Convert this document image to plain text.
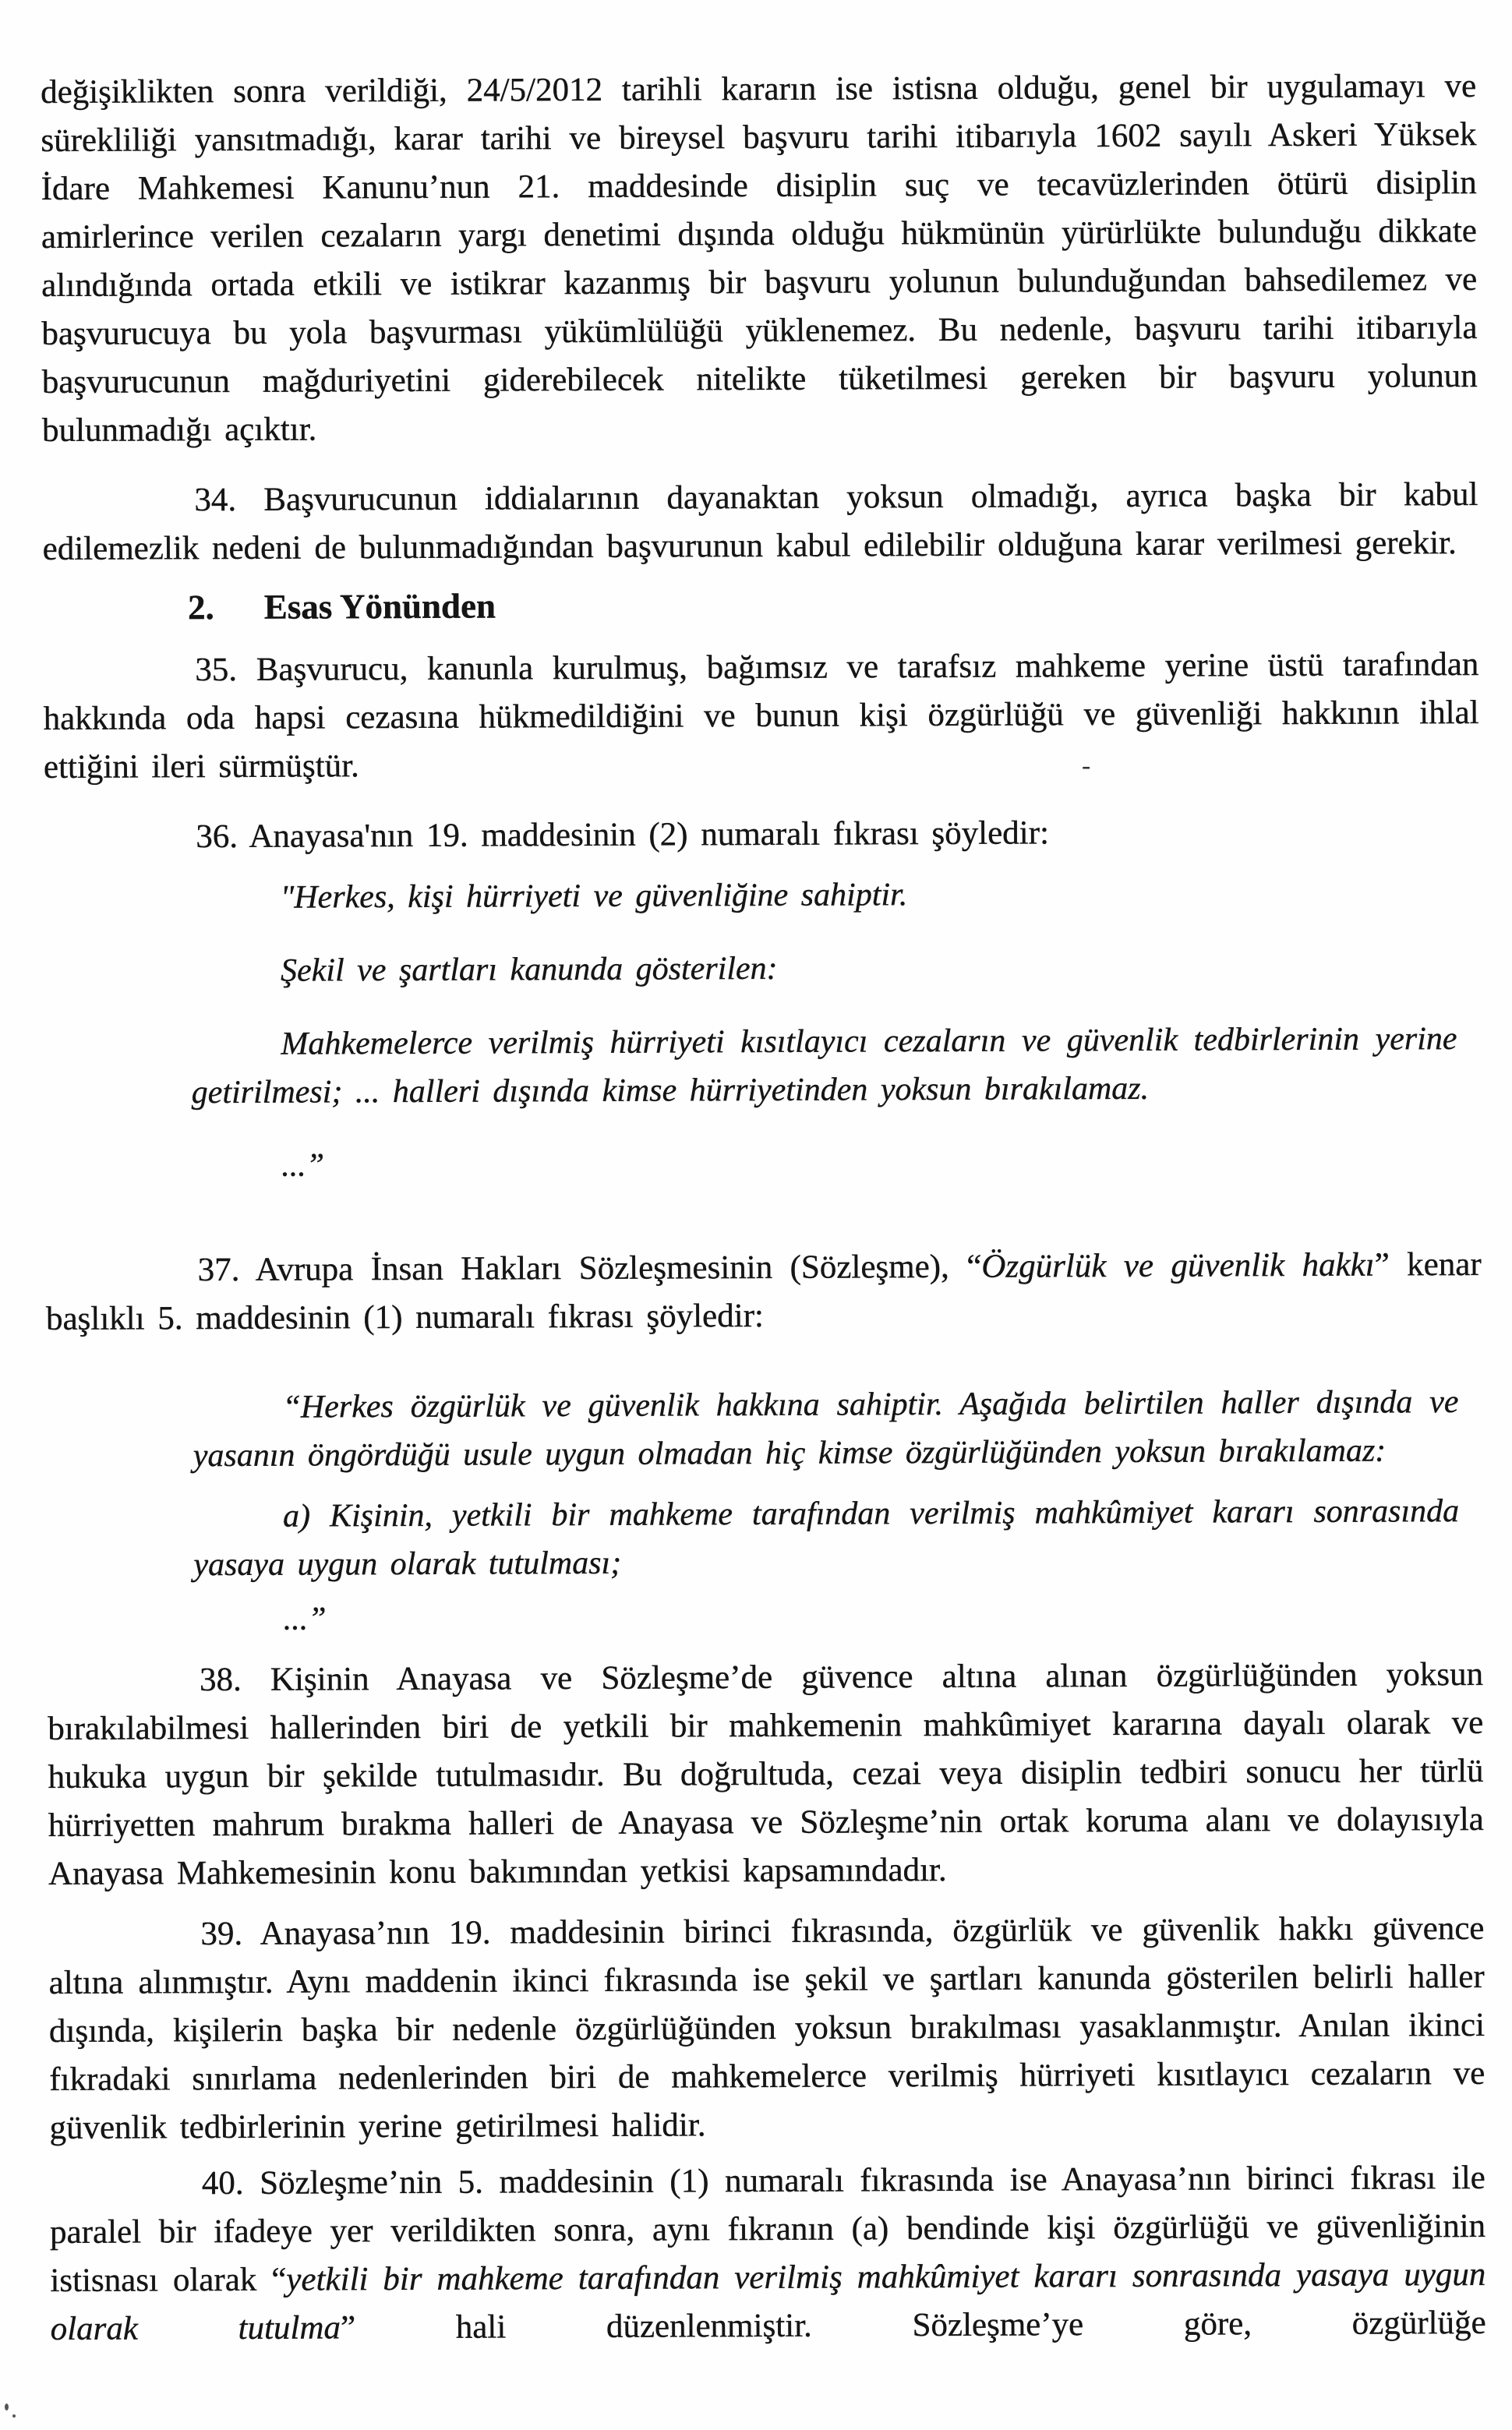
değişiklikten sonra verildiği, 24/5/2012 tarihli kararın ise istisna olduğu, genel bir uygulamayı ve sürekliliği yansıtmadığı, karar tarihi ve bireysel başvuru tarihi itibarıyla 1602 sayılı Askeri Yüksek İdare Mahkemesi Kanunu’nun 21. maddesinde disiplin suç ve tecavüzlerinden ötürü disiplin amirlerince verilen cezaların yargı denetimi dışında olduğu hükmünün yürürlükte bulunduğu dikkate alındığında ortada etkili ve istikrar kazanmış bir başvuru yolunun bulunduğundan bahsedilemez ve başvurucuya bu yola başvurması yükümlülüğü yüklenemez. Bu nedenle, başvuru tarihi itibarıyla başvurucunun mağduriyetini giderebilecek nitelikte tüketilmesi gereken bir başvuru yolunun bulunmadığı açıktır.

34. Başvurucunun iddialarının dayanaktan yoksun olmadığı, ayrıca başka bir kabul edilemezlik nedeni de bulunmadığından başvurunun kabul edilebilir olduğuna karar verilmesi gerekir.

2. Esas Yönünden

35. Başvurucu, kanunla kurulmuş, bağımsız ve tarafsız mahkeme yerine üstü tarafından hakkında oda hapsi cezasına hükmedildiğini ve bunun kişi özgürlüğü ve güvenliği hakkının ihlal ettiğini ileri sürmüştür.

36. Anayasa'nın 19. maddesinin (2) numaralı fıkrası şöyledir:

"Herkes, kişi hürriyeti ve güvenliğine sahiptir.

Şekil ve şartları kanunda gösterilen:

Mahkemelerce verilmiş hürriyeti kısıtlayıcı cezaların ve güvenlik tedbirlerinin yerine getirilmesi; ... halleri dışında kimse hürriyetinden yoksun bırakılamaz.

...”

37. Avrupa İnsan Hakları Sözleşmesinin (Sözleşme), “Özgürlük ve güvenlik hakkı” kenar başlıklı 5. maddesinin (1) numaralı fıkrası şöyledir:

“Herkes özgürlük ve güvenlik hakkına sahiptir. Aşağıda belirtilen haller dışında ve yasanın öngördüğü usule uygun olmadan hiç kimse özgürlüğünden yoksun bırakılamaz:

a) Kişinin, yetkili bir mahkeme tarafından verilmiş mahkûmiyet kararı sonrasında yasaya uygun olarak tutulması;

...”

38. Kişinin Anayasa ve Sözleşme’de güvence altına alınan özgürlüğünden yoksun bırakılabilmesi hallerinden biri de yetkili bir mahkemenin mahkûmiyet kararına dayalı olarak ve hukuka uygun bir şekilde tutulmasıdır. Bu doğrultuda, cezai veya disiplin tedbiri sonucu her türlü hürriyetten mahrum bırakma halleri de Anayasa ve Sözleşme’nin ortak koruma alanı ve dolayısıyla Anayasa Mahkemesinin konu bakımından yetkisi kapsamındadır.

39. Anayasa’nın 19. maddesinin birinci fıkrasında, özgürlük ve güvenlik hakkı güvence altına alınmıştır. Aynı maddenin ikinci fıkrasında ise şekil ve şartları kanunda gösterilen belirli haller dışında, kişilerin başka bir nedenle özgürlüğünden yoksun bırakılması yasaklanmıştır. Anılan ikinci fıkradaki sınırlama nedenlerinden biri de mahkemelerce verilmiş hürriyeti kısıtlayıcı cezaların ve güvenlik tedbirlerinin yerine getirilmesi halidir.

40. Sözleşme’nin 5. maddesinin (1) numaralı fıkrasında ise Anayasa’nın birinci fıkrası ile paralel bir ifadeye yer verildikten sonra, aynı fıkranın (a) bendinde kişi özgürlüğü ve güvenliğinin istisnası olarak “yetkili bir mahkeme tarafından verilmiş mahkûmiyet kararı sonrasında yasaya uygun olarak tutulma” hali düzenlenmiştir. Sözleşme’ye göre, özgürlüğe

-
